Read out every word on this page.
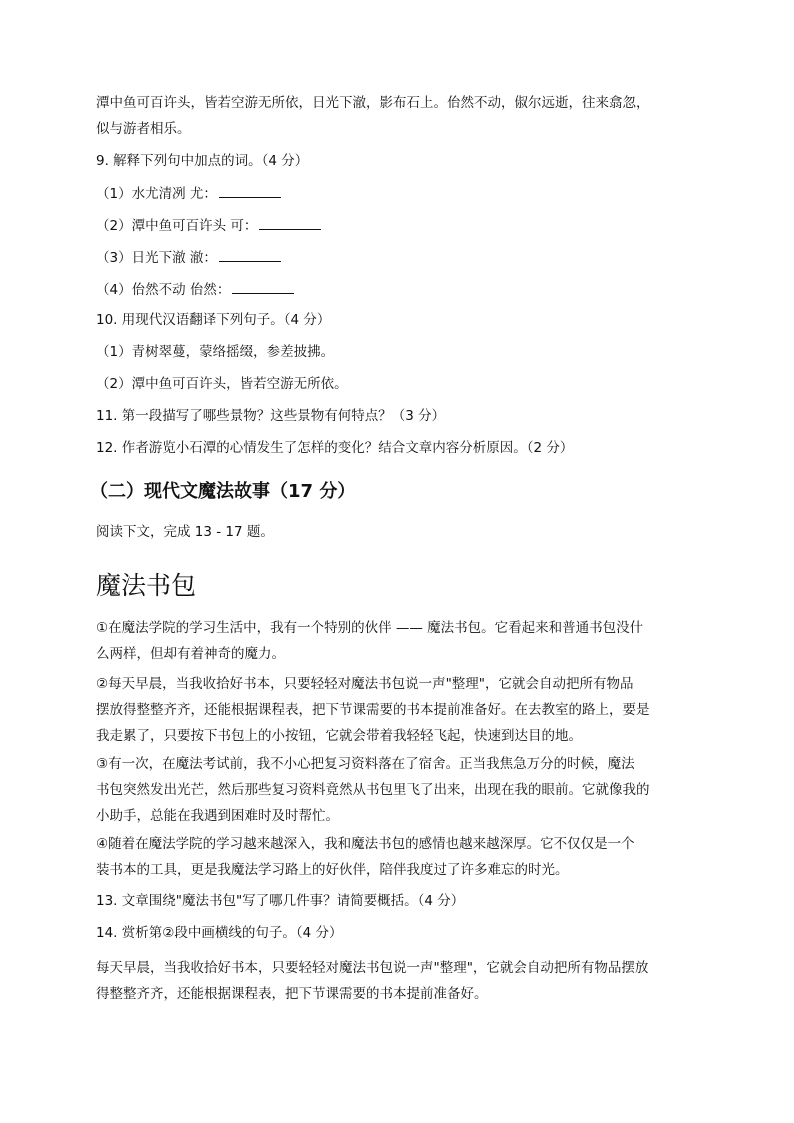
潭中鱼可百许头，皆若空游无所依，日光下澈，影布石上。佁然不动，俶尔远逝，往来翕忽，

似与游者相乐。

9. 解释下列句中加点的词。（4 分）

（1）水尤清冽 尤：
（2）潭中鱼可百许头 可：
（3）日光下澈 澈：
（4）佁然不动 佁然：

10. 用现代汉语翻译下列句子。（4 分）

（1）青树翠蔓，蒙络摇缀，参差披拂。

（2）潭中鱼可百许头，皆若空游无所依。

11. 第一段描写了哪些景物？这些景物有何特点？（3 分）

12. 作者游览小石潭的心情发生了怎样的变化？结合文章内容分析原因。（2 分）

（二）现代文魔法故事（17 分）

阅读下文，完成 13 - 17 题。

魔法书包

①在魔法学院的学习生活中，我有一个特别的伙伴 —— 魔法书包。它看起来和普通书包没什

么两样，但却有着神奇的魔力。

②每天早晨，当我收拾好书本，只要轻轻对魔法书包说一声"整理"，它就会自动把所有物品

摆放得整整齐齐，还能根据课程表，把下节课需要的书本提前准备好。在去教室的路上，要是

我走累了，只要按下书包上的小按钮，它就会带着我轻轻飞起，快速到达目的地。

③有一次，在魔法考试前，我不小心把复习资料落在了宿舍。正当我焦急万分的时候，魔法

书包突然发出光芒，然后那些复习资料竟然从书包里飞了出来，出现在我的眼前。它就像我的

小助手，总能在我遇到困难时及时帮忙。

④随着在魔法学院的学习越来越深入，我和魔法书包的感情也越来越深厚。它不仅仅是一个

装书本的工具，更是我魔法学习路上的好伙伴，陪伴我度过了许多难忘的时光。

13. 文章围绕"魔法书包"写了哪几件事？请简要概括。（4 分）

14. 赏析第②段中画横线的句子。（4 分）

每天早晨，当我收拾好书本，只要轻轻对魔法书包说一声"整理"，它就会自动把所有物品摆放

得整整齐齐，还能根据课程表，把下节课需要的书本提前准备好。
